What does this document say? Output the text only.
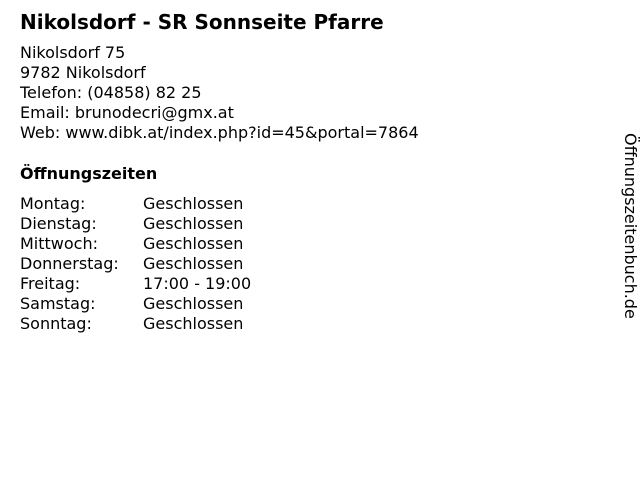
Nikolsdorf - SR Sonnseite Pfarre
Nikolsdorf 75
9782 Nikolsdorf
Telefon: (04858) 82 25
Email: brunodecri@gmx.at
Web: www.dibk.at/index.php?id=45&portal=7864
Öffnungszeiten
Montag:	Geschlossen
Dienstag:	Geschlossen
Mittwoch:	Geschlossen
Donnerstag:	Geschlossen
Freitag:	17:00 - 19:00
Samstag:	Geschlossen
Sonntag:	Geschlossen
Öffnungszeitenbuch.de
